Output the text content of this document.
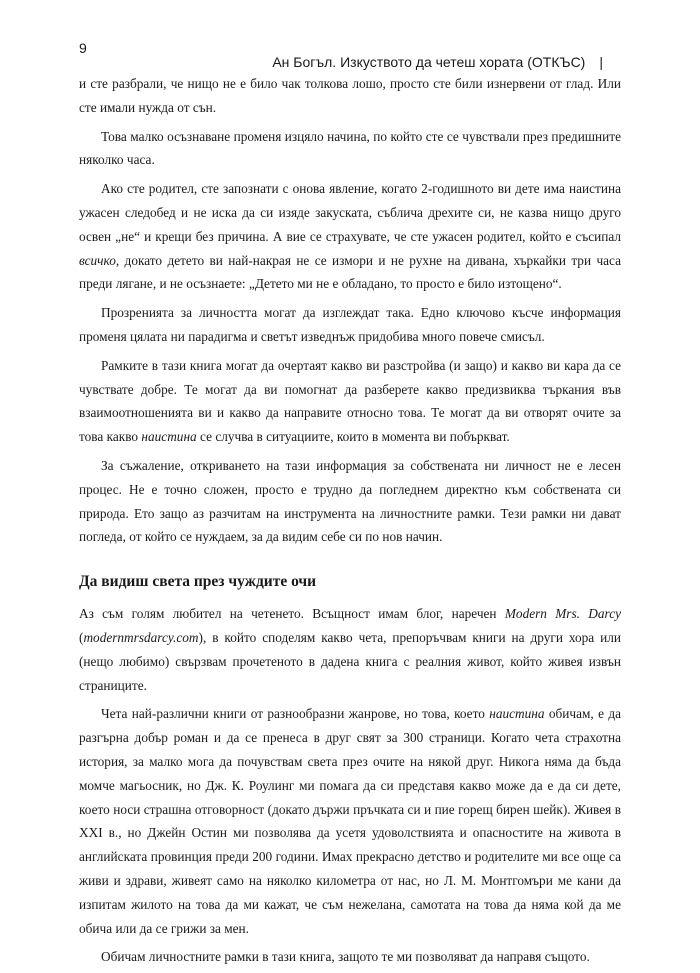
9
Ан Богъл. Изкуството да четеш хората (ОТКЪС) |

и сте разбрали, че нищо не е било чак толкова лошо, просто сте били изнервени от глад. Или сте имали нужда от сън.

Това малко осъзнаване променя изцяло начина, по който сте се чувствали през предишните няколко часа.

Ако сте родител, сте запознати с онова явление, когато 2-годишното ви дете има наистина ужасен следобед и не иска да си изяде закуската, съблича дрехите си, не казва нищо друго освен „не“ и крещи без причина. А вие се страхувате, че сте ужасен родител, който е съсипал всичко, докато детето ви най-накрая не се измори и не рухне на дивана, хъркайки три часа преди лягане, и не осъзнаете: „Детето ми не е обладано, то просто е било изтощено“.

Прозренията за личността могат да изглеждат така. Едно ключово късче информация променя цялата ни парадигма и светът изведнъж придобива много повече смисъл.

Рамките в тази книга могат да очертаят какво ви разстройва (и защо) и какво ви кара да се чувствате добре. Те могат да ви помогнат да разберете какво предизвиква търкания във взаимоотношенията ви и какво да направите относно това. Те могат да ви отворят очите за това какво наистина се случва в ситуациите, които в момента ви побъркват.

За съжаление, откриването на тази информация за собствената ни личност не е лесен процес. Не е точно сложен, просто е трудно да погледнем директно към собствената си природа. Ето защо аз разчитам на инструмента на личностните рамки. Тези рамки ни дават погледа, от който се нуждаем, за да видим себе си по нов начин.

Да видиш света през чуждите очи

Аз съм голям любител на четенето. Всъщност имам блог, наречен Modern Mrs. Darcy (modernmrsdarcy.com), в който споделям какво чета, препоръчвам книги на други хора или (нещо любимо) свързвам прочетеното в дадена книга с реалния живот, който живея извън страниците.

Чета най-различни книги от разнообразни жанрове, но това, което наистина обичам, е да разгърна добър роман и да се пренеса в друг свят за 300 страници. Когато чета страхотна история, за малко мога да почувствам света през очите на някой друг. Никога няма да бъда момче магьосник, но Дж. К. Роулинг ми помага да си представя какво може да е да си дете, което носи страшна отговорност (докато държи пръчката си и пие горещ бирен шейк). Живея в XXI в., но Джейн Остин ми позволява да усетя удоволствията и опасностите на живота в английската провинция преди 200 години. Имах прекрасно детство и родителите ми все още са живи и здрави, живеят само на няколко километра от нас, но Л. М. Монтгомъри ме кани да изпитам жилото на това да ми кажат, че съм нежелана, самотата на това да няма кой да ме обича или да се грижи за мен.

Обичам личностните рамки в тази книга, защото те ми позволяват да направя същото.
